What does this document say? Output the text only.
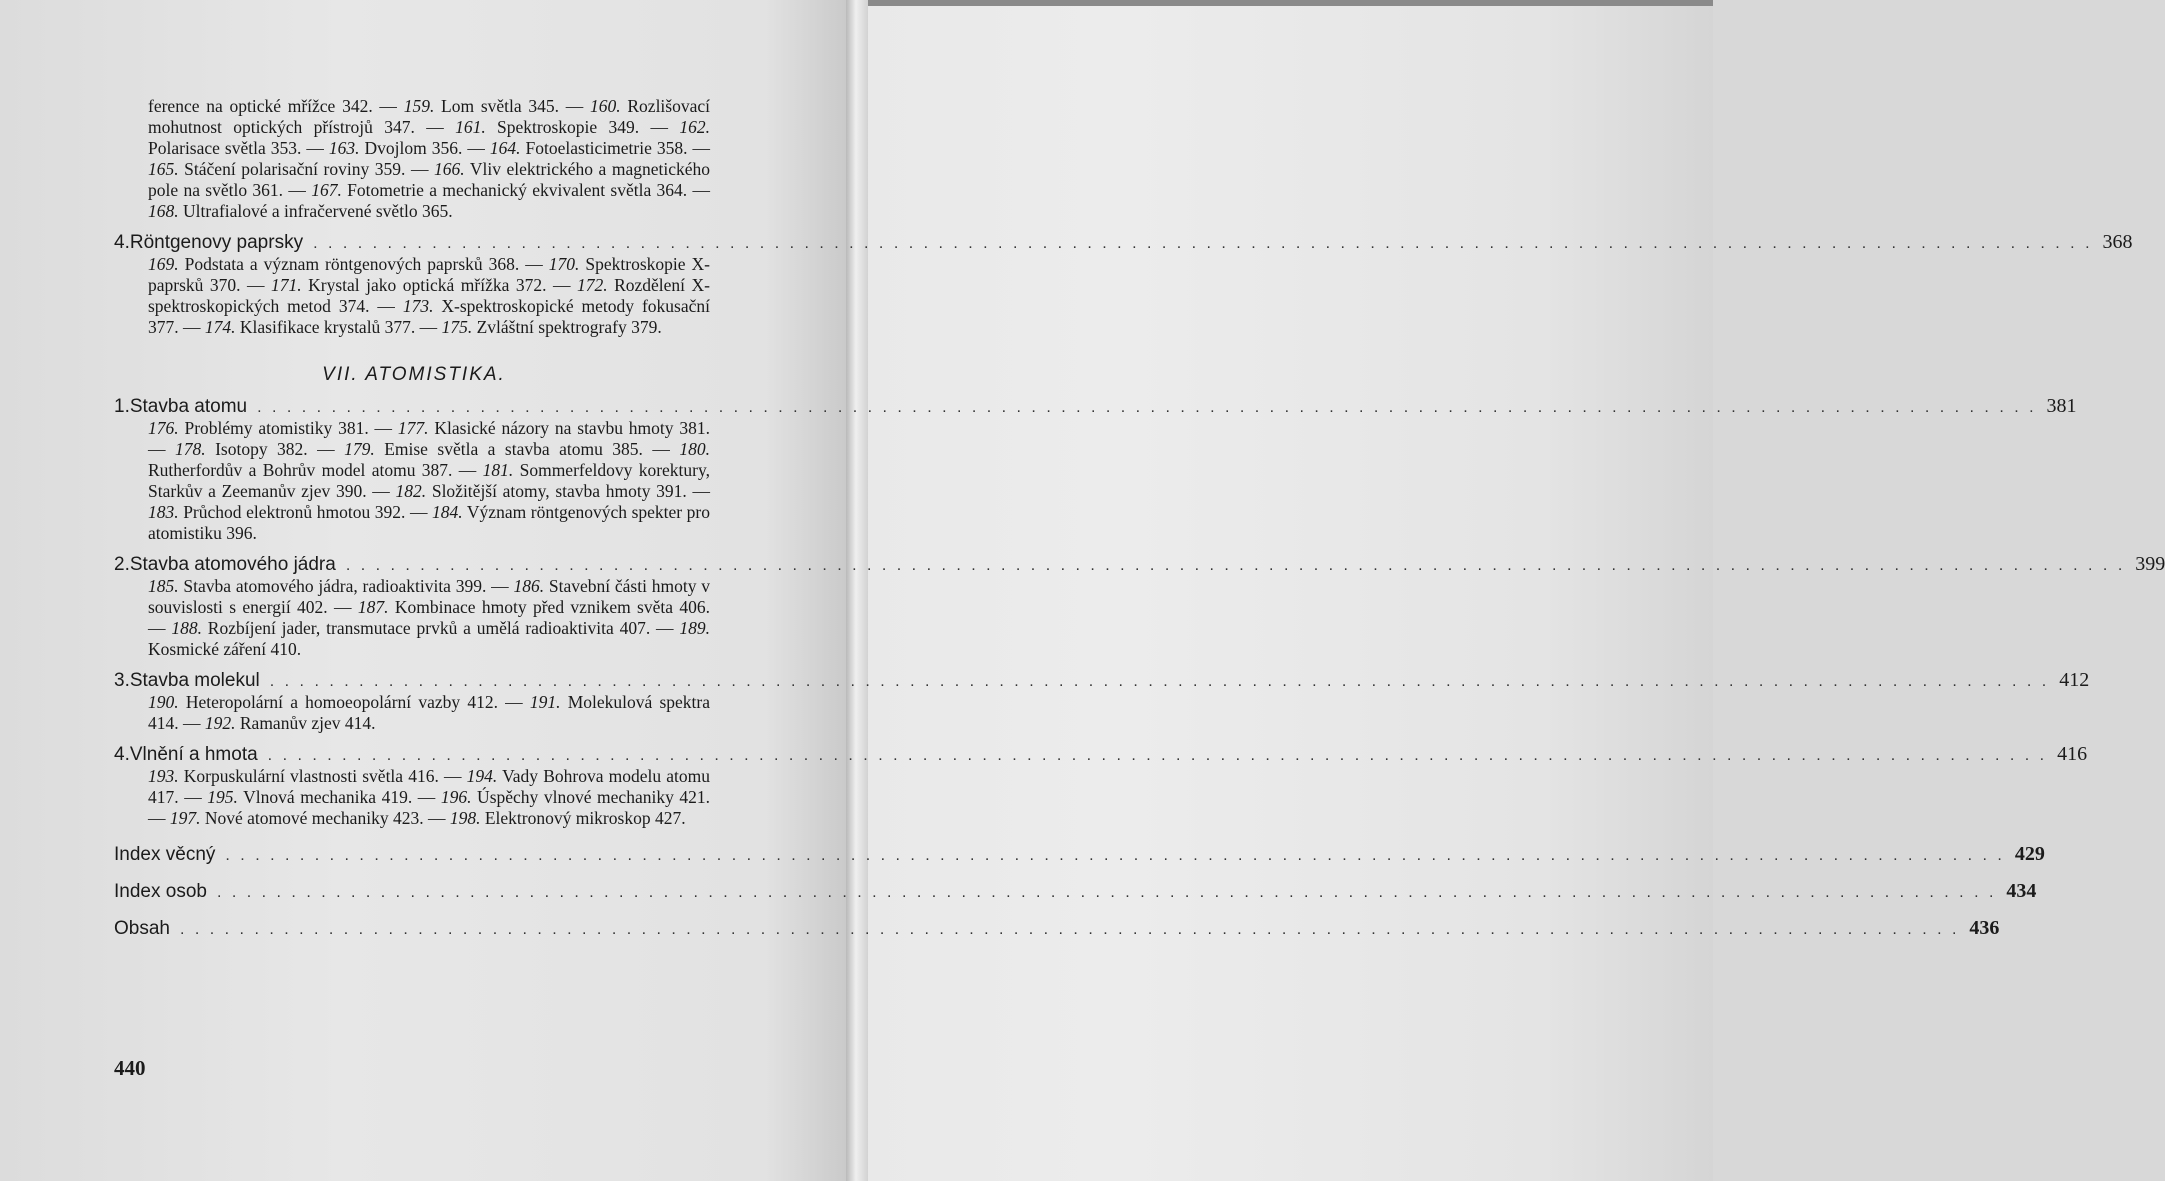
ference na optické mřížce 342. — 159. Lom světla 345. — 160. Rozlišovací mohutnost optických přístrojů 347. — 161. Spektroskopie 349. — 162. Polarisace světla 353. — 163. Dvojlom 356. — 164. Fotoelasticimetrie 358. — 165. Stáčení polarisační roviny 359. — 166. Vliv elektrického a magnetického pole na světlo 361. — 167. Fotometrie a mechanický ekvivalent světla 364. — 168. Ultrafialové a infračervené světlo 365.

4. Röntgenovy paprsky . . . . . . . . . . . . . . . . . . . . . . . . . . . . . . . . . . . . . . . . . . . . . . . . . . . . . . . . . . . . . . . . . . . . . . . . . . . . . . . . . . . . . . . . . . . . . . . . . . . . . . . . . . . . . . . . . . . . . . . . 368

169. Podstata a význam röntgenových paprsků 368. — 170. Spektroskopie X-paprsků 370. — 171. Krystal jako optická mřížka 372. — 172. Rozdělení X-spektroskopických metod 374. — 173. X-spektroskopické metody fokusační 377. — 174. Klasifikace krystalů 377. — 175. Zvláštní spektrografy 379.

VII. ATOMISTIKA.
1. Stavba atomu . . . . . . . . . . . . . . . . . . . . . . . . . . . . . . . . . . . . . . . . . . . . . . . . . . . . . . . . . . . . . . . . . . . . . . . . . . . . . . . . . . . . . . . . . . . . . . . . . . . . . . . . . . . . . . . . . . . . . . . . 381

176. Problémy atomistiky 381. — 177. Klasické názory na stavbu hmoty 381. — 178. Isotopy 382. — 179. Emise světla a stavba atomu 385. — 180. Rutherfordův a Bohrův model atomu 387. — 181. Sommerfeldovy korektury, Starkův a Zeemanův zjev 390. — 182. Složitější atomy, stavba hmoty 391. — 183. Průchod elektronů hmotou 392. — 184. Význam röntgenových spekter pro atomistiku 396.

2. Stavba atomového jádra . . . . . . . . . . . . . . . . . . . . . . . . . . . . . . . . . . . . . . . . . . . . . . . . . . . . . . . . . . . . . . . . . . . . . . . . . . . . . . . . . . . . . . . . . . . . . . . . . . . . . . . . . . . . . . . . . . . . . . . . 399

185. Stavba atomového jádra, radioaktivita 399. — 186. Stavební části hmoty v souvislosti s energií 402. — 187. Kombinace hmoty před vznikem světa 406. — 188. Rozbíjení jader, transmutace prvků a umělá radioaktivita 407. — 189. Kosmické záření 410.

3. Stavba molekul . . . . . . . . . . . . . . . . . . . . . . . . . . . . . . . . . . . . . . . . . . . . . . . . . . . . . . . . . . . . . . . . . . . . . . . . . . . . . . . . . . . . . . . . . . . . . . . . . . . . . . . . . . . . . . . . . . . . . . . . 412

190. Heteropolární a homoeopolární vazby 412. — 191. Molekulová spektra 414. — 192. Ramanův zjev 414.

4. Vlnění a hmota . . . . . . . . . . . . . . . . . . . . . . . . . . . . . . . . . . . . . . . . . . . . . . . . . . . . . . . . . . . . . . . . . . . . . . . . . . . . . . . . . . . . . . . . . . . . . . . . . . . . . . . . . . . . . . . . . . . . . . . . 416

193. Korpuskulární vlastnosti světla 416. — 194. Vady Bohrova modelu atomu 417. — 195. Vlnová mechanika 419. — 196. Úspěchy vlnové mechaniky 421. — 197. Nové atomové mechaniky 423. — 198. Elektronový mikroskop 427.

Index věcný . . . . . . . . . . . . . . . . . . . . . . . . . . . . . . . . . . . . . . . . . . . . . . . . . . . . . . . . . . . . . . . . . . . . . . . . . . . . . . . . . . . . . . . . . . . . . . . . . . . . . . . . . . . . . . . . . . . . . . . . 429
Index osob . . . . . . . . . . . . . . . . . . . . . . . . . . . . . . . . . . . . . . . . . . . . . . . . . . . . . . . . . . . . . . . . . . . . . . . . . . . . . . . . . . . . . . . . . . . . . . . . . . . . . . . . . . . . . . . . . . . . . . . . 434
Obsah . . . . . . . . . . . . . . . . . . . . . . . . . . . . . . . . . . . . . . . . . . . . . . . . . . . . . . . . . . . . . . . . . . . . . . . . . . . . . . . . . . . . . . . . . . . . . . . . . . . . . . . . . . . . . . . . . . . . . . . . 436
440
